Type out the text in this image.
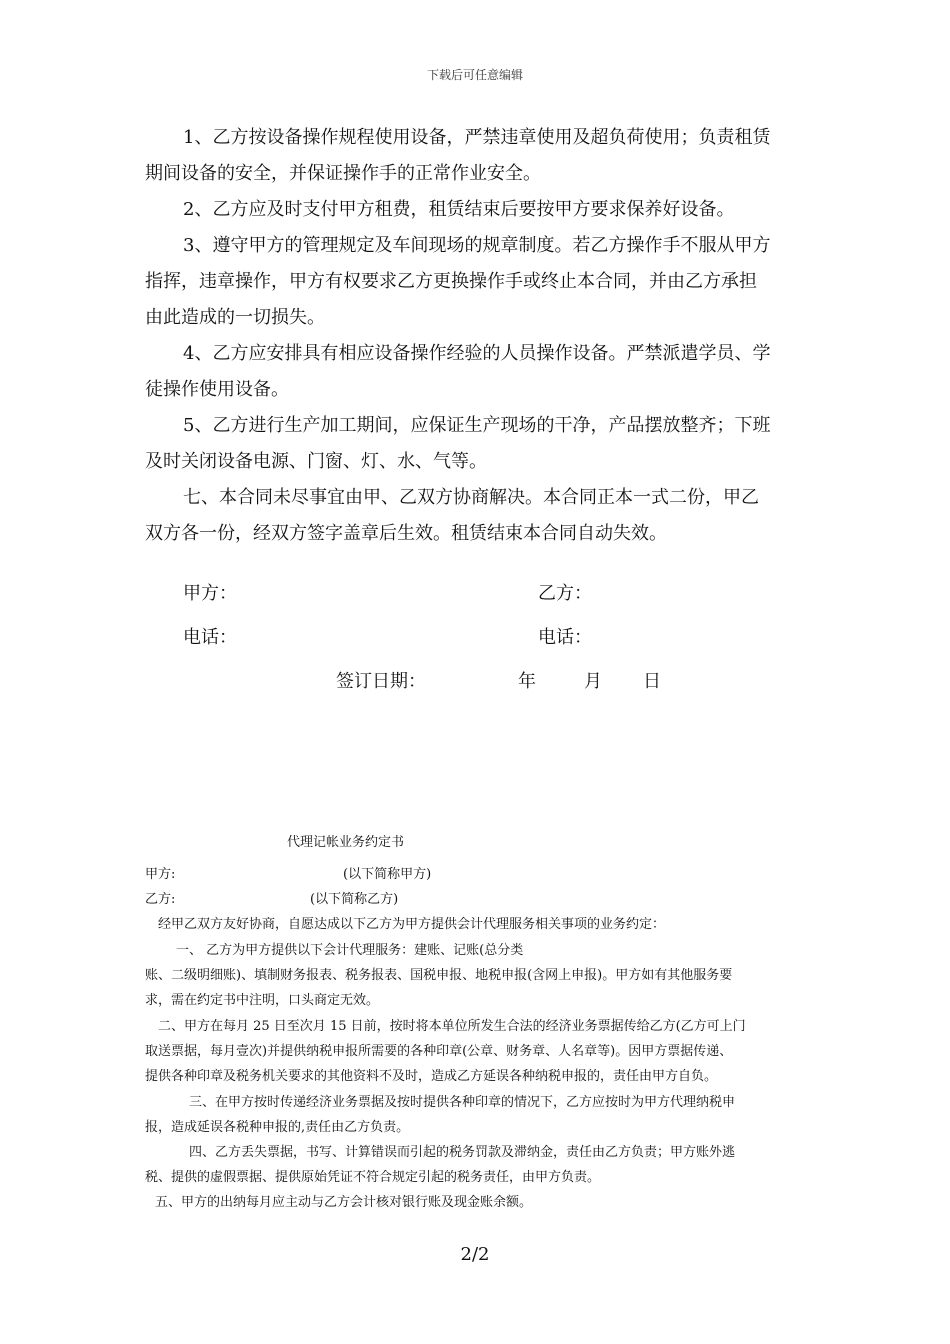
下载后可任意编辑
1、乙方按设备操作规程使用设备，严禁违章使用及超负荷使用；负责租赁
期间设备的安全，并保证操作手的正常作业安全。
2、乙方应及时支付甲方租费，租赁结束后要按甲方要求保养好设备。
3、遵守甲方的管理规定及车间现场的规章制度。若乙方操作手不服从甲方
指挥，违章操作，甲方有权要求乙方更换操作手或终止本合同，并由乙方承担
由此造成的一切损失。
4、乙方应安排具有相应设备操作经验的人员操作设备。严禁派遣学员、学
徒操作使用设备。
5、乙方进行生产加工期间，应保证生产现场的干净，产品摆放整齐；下班
及时关闭设备电源、门窗、灯、水、气等。
七、本合同未尽事宜由甲、乙双方协商解决。本合同正本一式二份，甲乙
双方各一份，经双方签字盖章后生效。租赁结束本合同自动失效。
甲方：	乙方：
电话：	电话：
签订日期：	年	月 日
代理记帐业务约定书
甲方:	(以下简称甲方)
乙方:	(以下简称乙方)
经甲乙双方友好协商，自愿达成以下乙方为甲方提供会计代理服务相关事项的业务约定：
一、 乙方为甲方提供以下会计代理服务：建账、记账(总分类
账、二级明细账)、填制财务报表、税务报表、国税申报、地税申报(含网上申报)。甲方如有其他服务要
求，需在约定书中注明，口头商定无效。
二、甲方在每月 25 日至次月 15 日前，按时将本单位所发生合法的经济业务票据传给乙方(乙方可上门
取送票据，每月壹次)并提供纳税申报所需要的各种印章(公章、财务章、人名章等)。因甲方票据传递、
提供各种印章及税务机关要求的其他资料不及时，造成乙方延误各种纳税申报的，责任由甲方自负。
三、在甲方按时传递经济业务票据及按时提供各种印章的情况下，乙方应按时为甲方代理纳税申
报，造成延误各税种申报的,责任由乙方负责。
四、乙方丢失票据，书写、计算错误而引起的税务罚款及滞纳金，责任由乙方负责；甲方账外逃
税、提供的虚假票据、提供原始凭证不符合规定引起的税务责任，由甲方负责。
五、甲方的出纳每月应主动与乙方会计核对银行账及现金账余额。
2/2
